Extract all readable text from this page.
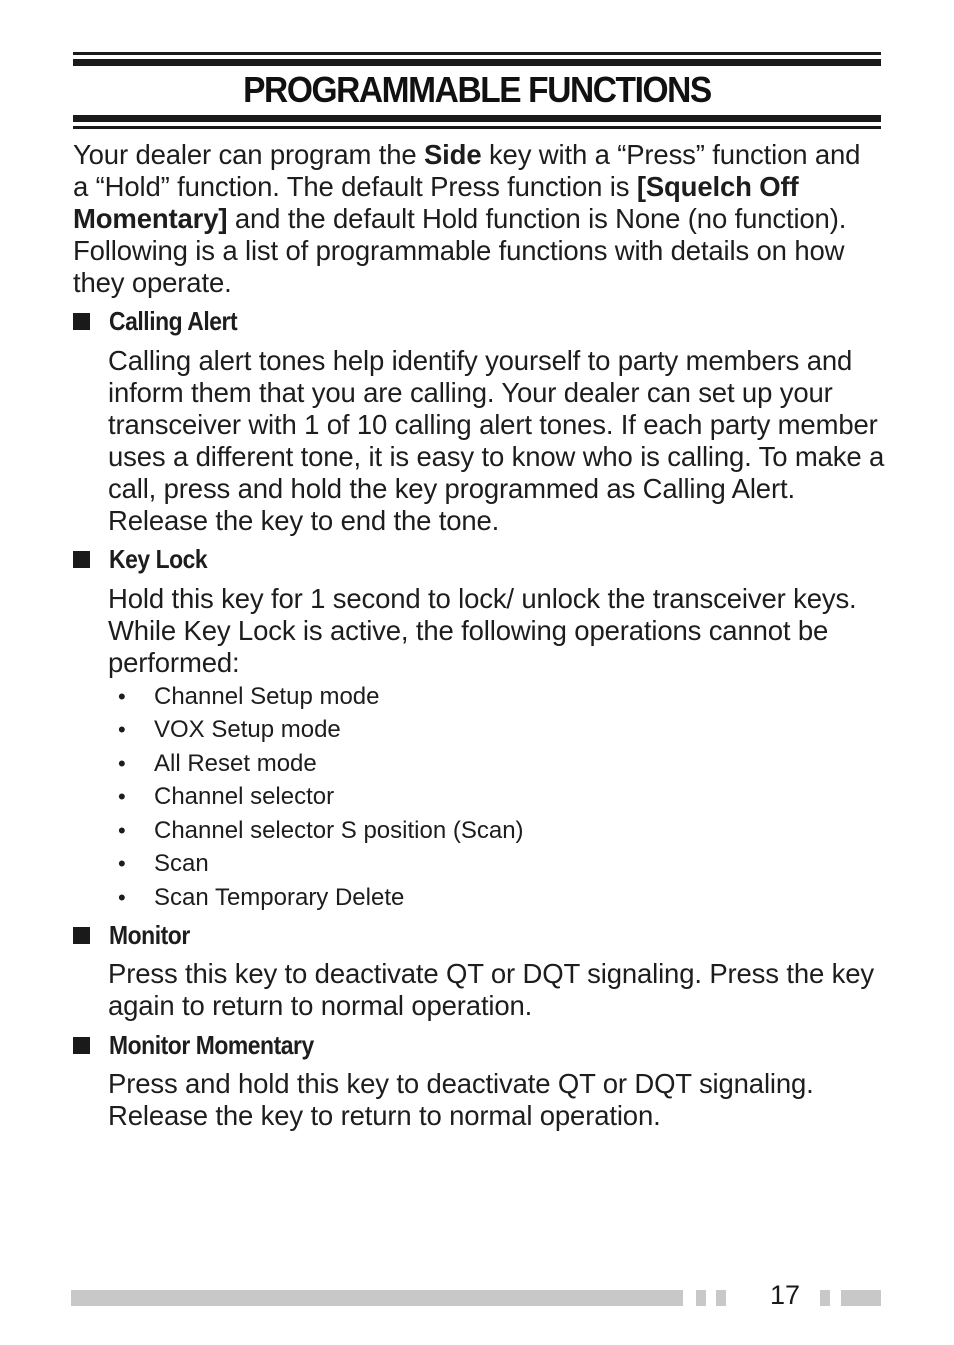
PROGRAMMABLE FUNCTIONS

Your dealer can program the Side key with a “Press” function and a “Hold” function. The default Press function is [Squelch Off Momentary] and the default Hold function is None (no function). Following is a list of programmable functions with details on how they operate.

Calling Alert

Calling alert tones help identify yourself to party members and inform them that you are calling. Your dealer can set up your transceiver with 1 of 10 calling alert tones. If each party member uses a different tone, it is easy to know who is calling. To make a call, press and hold the key programmed as Calling Alert. Release the key to end the tone.

Key Lock

Hold this key for 1 second to lock/ unlock the transceiver keys. While Key Lock is active, the following operations cannot be performed:

•	Channel Setup mode
•	VOX Setup mode
•	All Reset mode
•	Channel selector
•	Channel selector S position (Scan)
•	Scan
•	Scan Temporary Delete
Monitor

Press this key to deactivate QT or DQT signaling. Press the key again to return to normal operation.

Monitor Momentary

Press and hold this key to deactivate QT or DQT signaling. Release the key to return to normal operation.

17
